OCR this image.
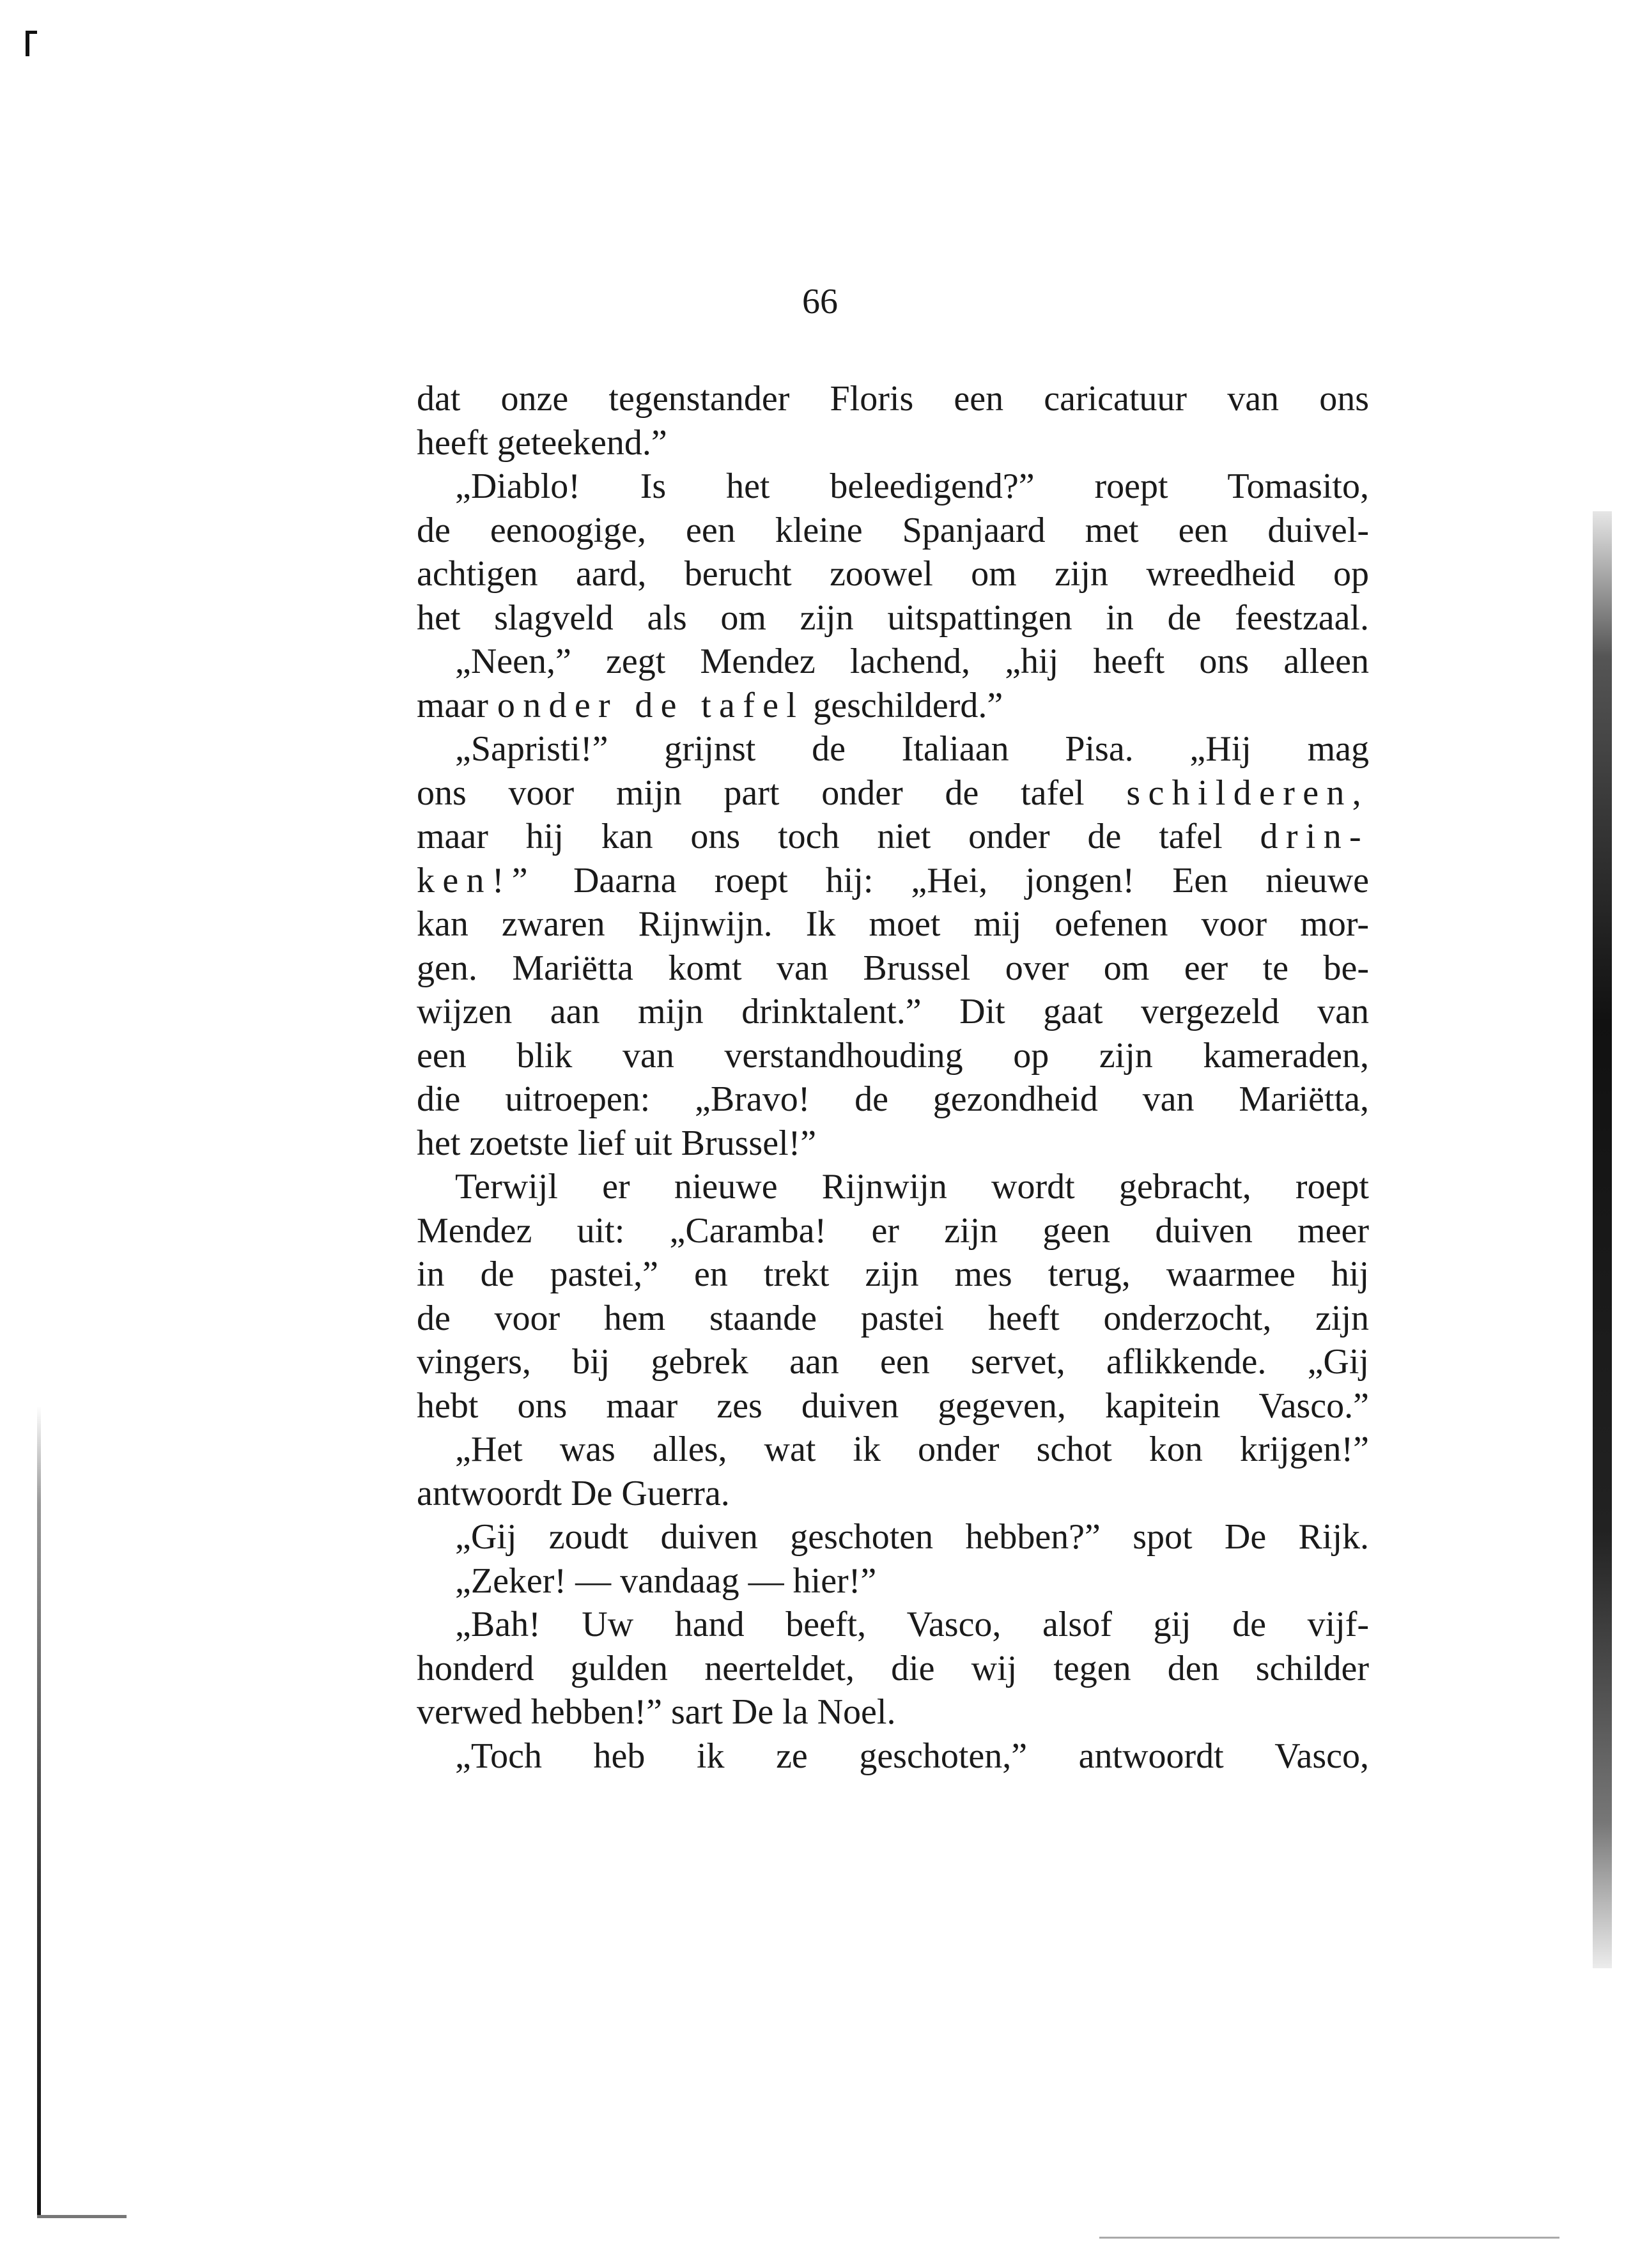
66
dat onze tegenstander Floris een caricatuur van ons
heeft geteekend.”
„Diablo! Is het beleedigend?” roept Tomasito,
de eenoogige, een kleine Spanjaard met een duivel-
achtigen aard, berucht zoowel om zijn wreedheid op
het slagveld als om zijn uitspattingen in de feestzaal.
„Neen,” zegt Mendez lachend, „hij heeft ons alleen
maar onder de tafel geschilderd.”
„Sapristi!” grijnst de Italiaan Pisa. „Hij mag
ons voor mijn part onder de tafel schilderen,
maar hij kan ons toch niet onder de tafel drin-
ken!” Daarna roept hij: „Hei, jongen! Een nieuwe
kan zwaren Rijnwijn. Ik moet mij oefenen voor mor-
gen. Mariëtta komt van Brussel over om eer te be-
wijzen aan mijn drinktalent.” Dit gaat vergezeld van
een blik van verstandhouding op zijn kameraden,
die uitroepen: „Bravo! de gezondheid van Mariëtta,
het zoetste lief uit Brussel!”
Terwijl er nieuwe Rijnwijn wordt gebracht, roept
Mendez uit: „Caramba! er zijn geen duiven meer
in de pastei,” en trekt zijn mes terug, waarmee hij
de voor hem staande pastei heeft onderzocht, zijn
vingers, bij gebrek aan een servet, aflikkende. „Gij
hebt ons maar zes duiven gegeven, kapitein Vasco.”
„Het was alles, wat ik onder schot kon krijgen!”
antwoordt De Guerra.
„Gij zoudt duiven geschoten hebben?” spot De Rijk.
„Zeker! — vandaag — hier!”
„Bah! Uw hand beeft, Vasco, alsof gij de vijf-
honderd gulden neerteldet, die wij tegen den schilder
verwed hebben!” sart De la Noel.
„Toch heb ik ze geschoten,” antwoordt Vasco,
